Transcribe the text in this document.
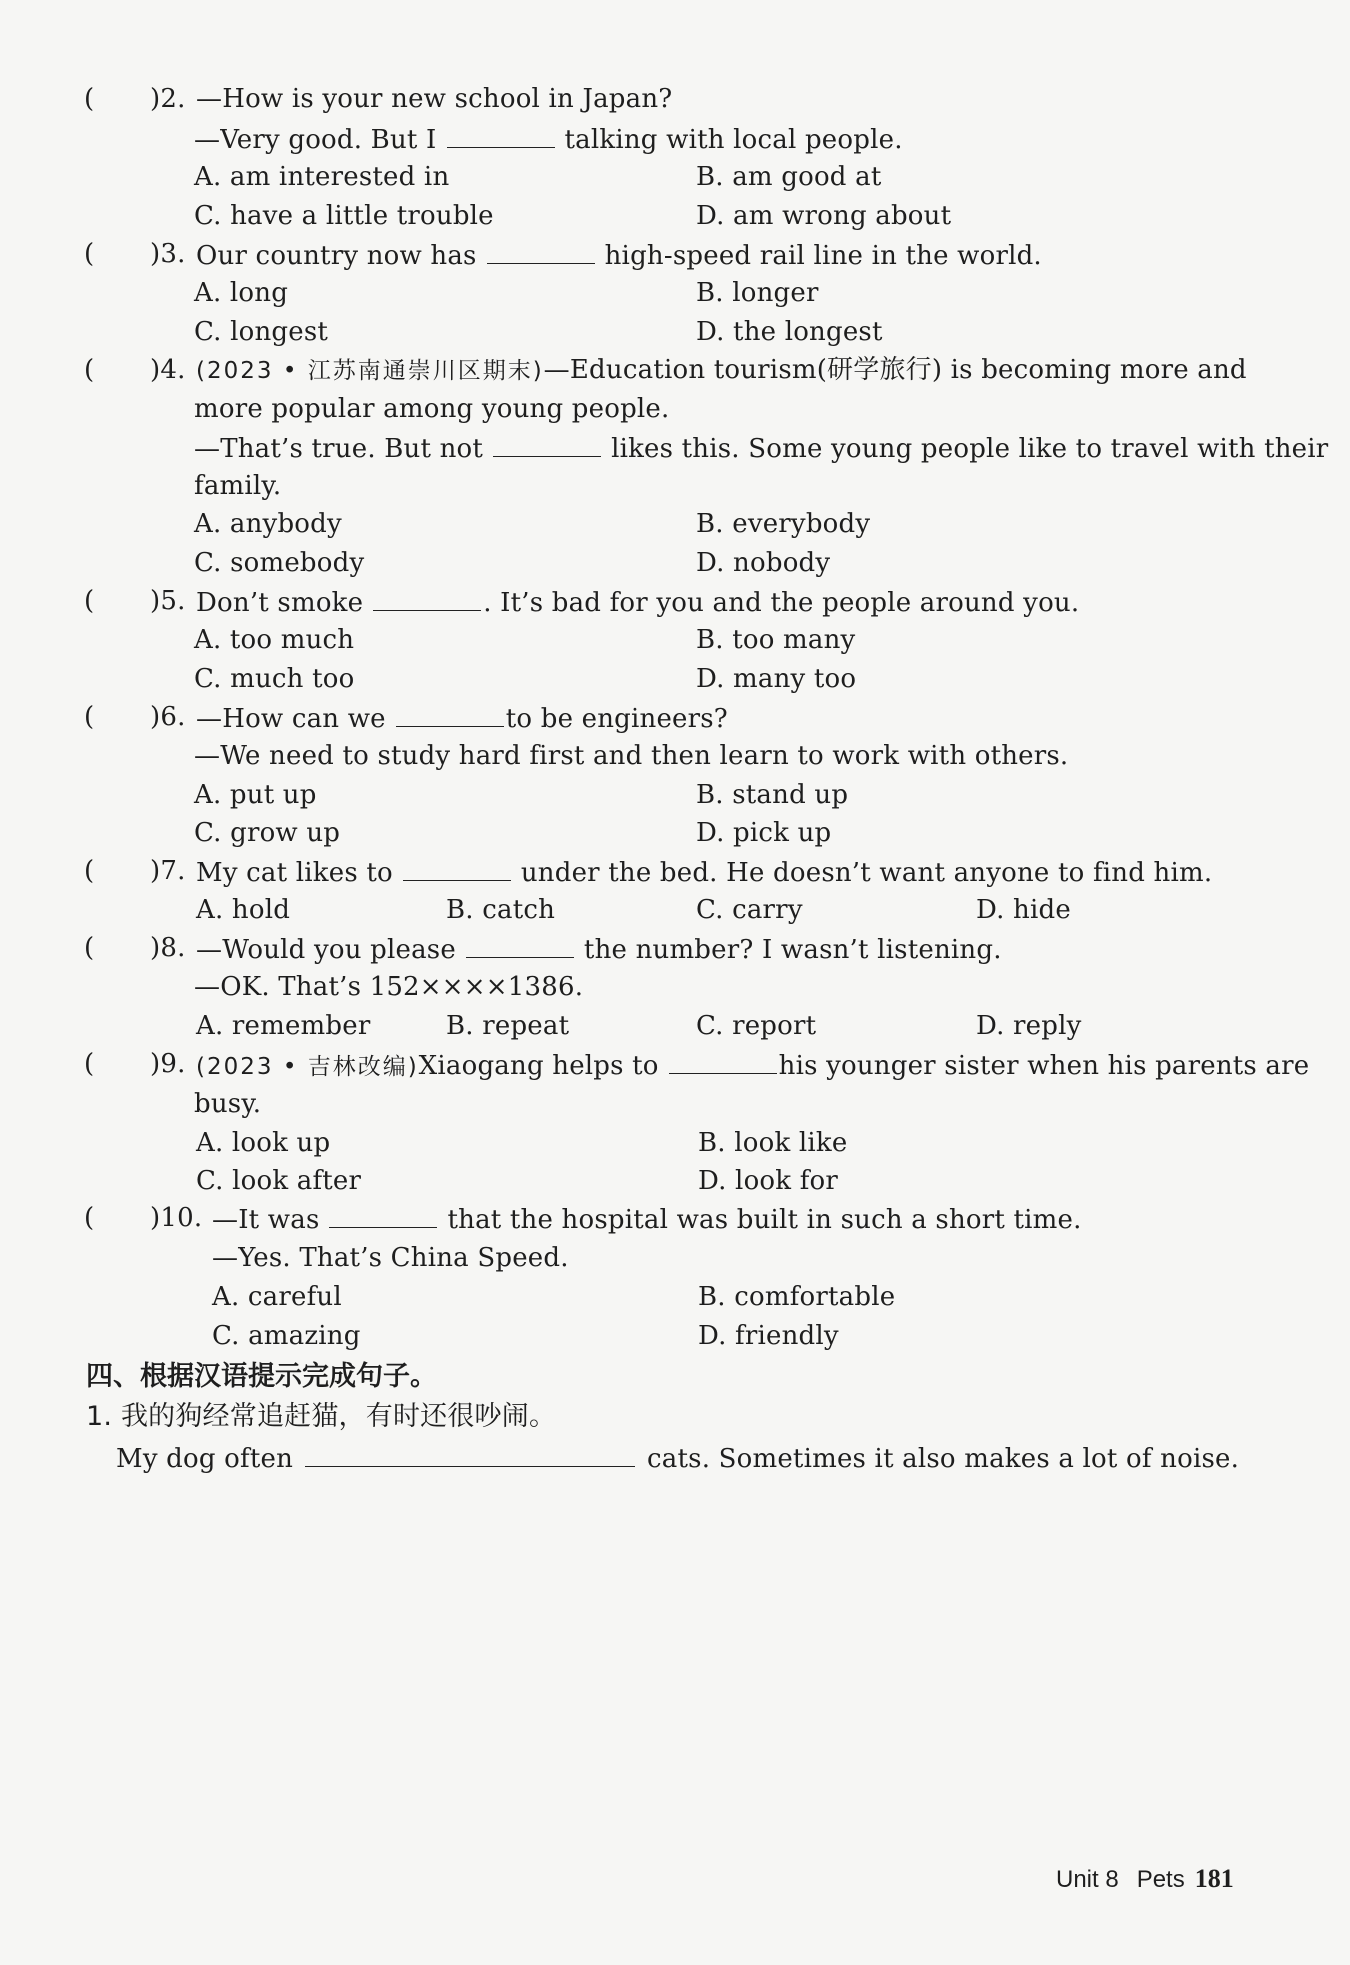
( )2. —How is your new school in Japan?
—Very good. But I	talking with local people.
A. am interested in	B. am good at
C. have a little trouble	D. am wrong about
( )3. Our country now has	high-speed rail line in the world.
A. long	B. longer
C. longest	D. the longest
( )4. (2023 • 江苏南通崇川区期末)—Education tourism(研学旅行) is becoming more and
more popular among young people.
—That’s true. But not	likes this. Some young people like to travel with their
family.
A. anybody	B. everybody
C. somebody	D. nobody
( )5. Don’t smoke	. It’s bad for you and the people around you.
A. too much	B. too many
C. much too	D. many too
( )6. —How can we	to be engineers?
—We need to study hard first and then learn to work with others.
A. put up	B. stand up
C. grow up	D. pick up
( )7. My cat likes to	under the bed. He doesn’t want anyone to find him.
A. hold	B. catch	C. carry	D. hide
( )8. —Would you please	the number? I wasn’t listening.
—OK. That’s 152××××1386.
A. remember	B. repeat	C. report	D. reply
( )9. (2023 • 吉林改编)Xiaogang helps to	his younger sister when his parents are
busy.
A. look up	B. look like
C. look after	D. look for
( )10. —It was	that the hospital was built in such a short time.
—Yes. That’s China Speed.
A. careful	B. comfortable
C. amazing	D. friendly
四、根据汉语提示完成句子。
1. 我的狗经常追赶猫，有时还很吵闹。
My dog often	cats. Sometimes it also makes a lot of noise.
Unit 8 Pets 181
